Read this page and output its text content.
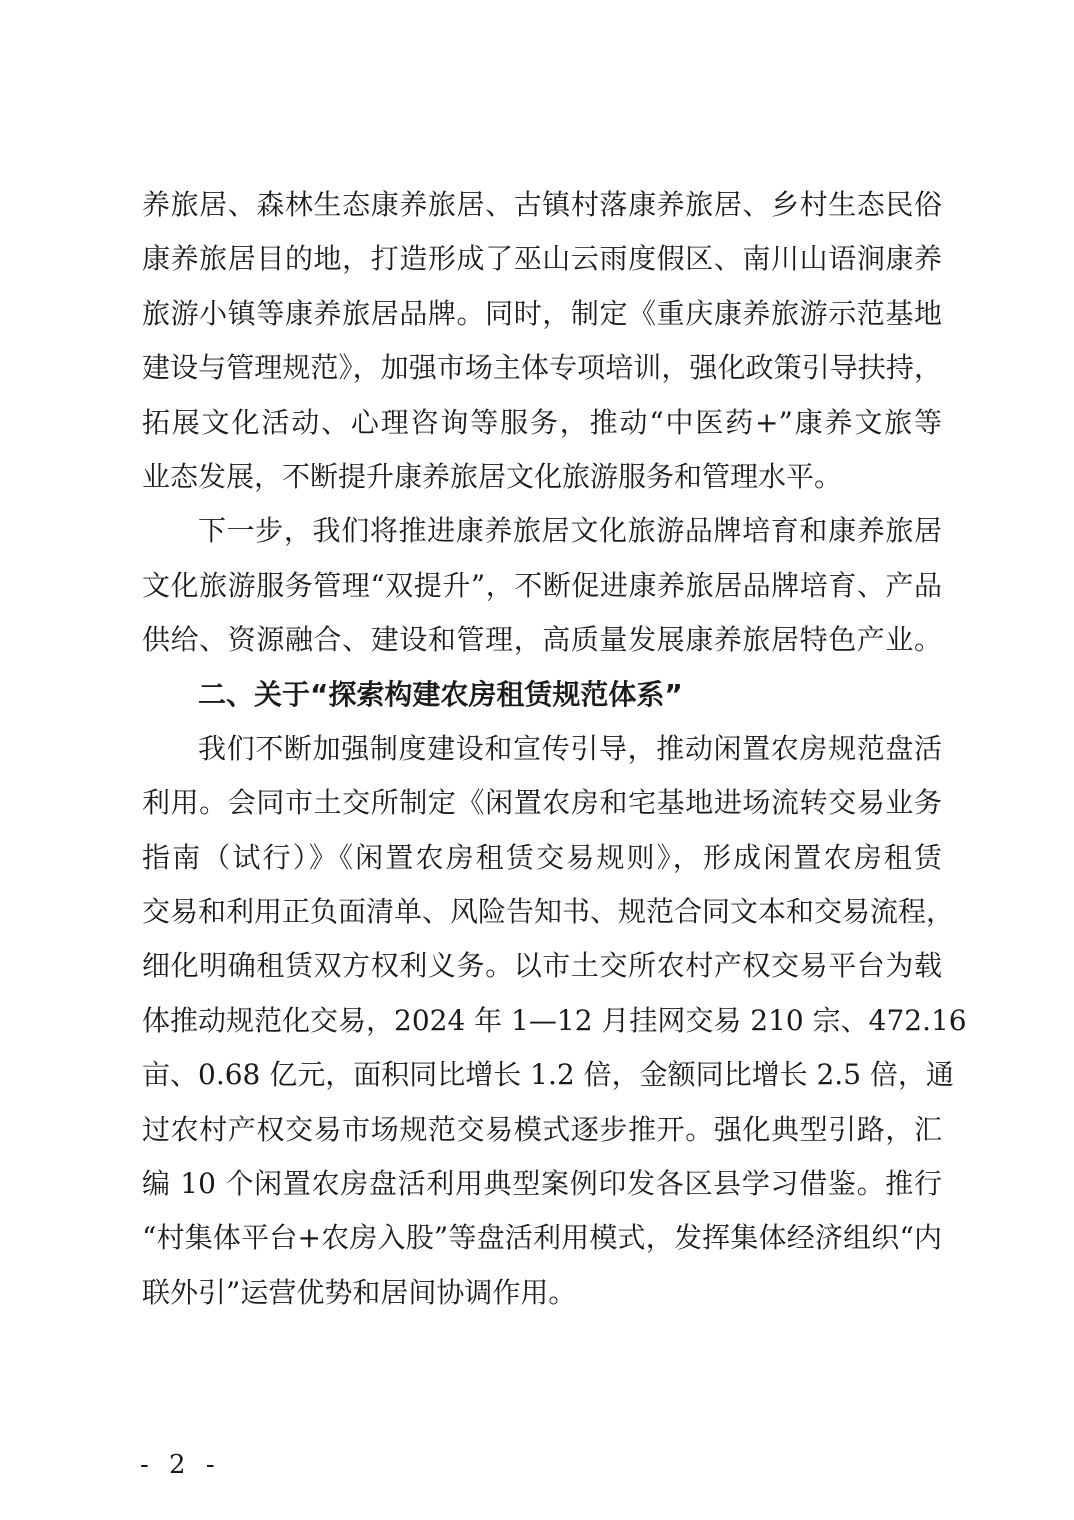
养旅居、森林生态康养旅居、古镇村落康养旅居、乡村生态民俗
康养旅居目的地，打造形成了巫山云雨度假区、南川山语涧康养
旅游小镇等康养旅居品牌。同时，制定《重庆康养旅游示范基地
建设与管理规范》，加强市场主体专项培训，强化政策引导扶持，
拓展文化活动、心理咨询等服务，推动“中医药+”康养文旅等
业态发展，不断提升康养旅居文化旅游服务和管理水平。
下一步，我们将推进康养旅居文化旅游品牌培育和康养旅居
文化旅游服务管理“双提升”，不断促进康养旅居品牌培育、产品
供给、资源融合、建设和管理，高质量发展康养旅居特色产业。
二、关于“探索构建农房租赁规范体系”
我们不断加强制度建设和宣传引导，推动闲置农房规范盘活
利用。会同市土交所制定《闲置农房和宅基地进场流转交易业务
指南（试行）》《闲置农房租赁交易规则》，形成闲置农房租赁
交易和利用正负面清单、风险告知书、规范合同文本和交易流程，
细化明确租赁双方权利义务。以市土交所农村产权交易平台为载
体推动规范化交易，2024 年 1—12 月挂网交易 210 宗、472.16
亩、0.68 亿元，面积同比增长 1.2 倍，金额同比增长 2.5 倍，通
过农村产权交易市场规范交易模式逐步推开。强化典型引路，汇
编 10 个闲置农房盘活利用典型案例印发各区县学习借鉴。推行
“村集体平台+农房入股”等盘活利用模式，发挥集体经济组织“内
联外引”运营优势和居间协调作用。
- 2 -
